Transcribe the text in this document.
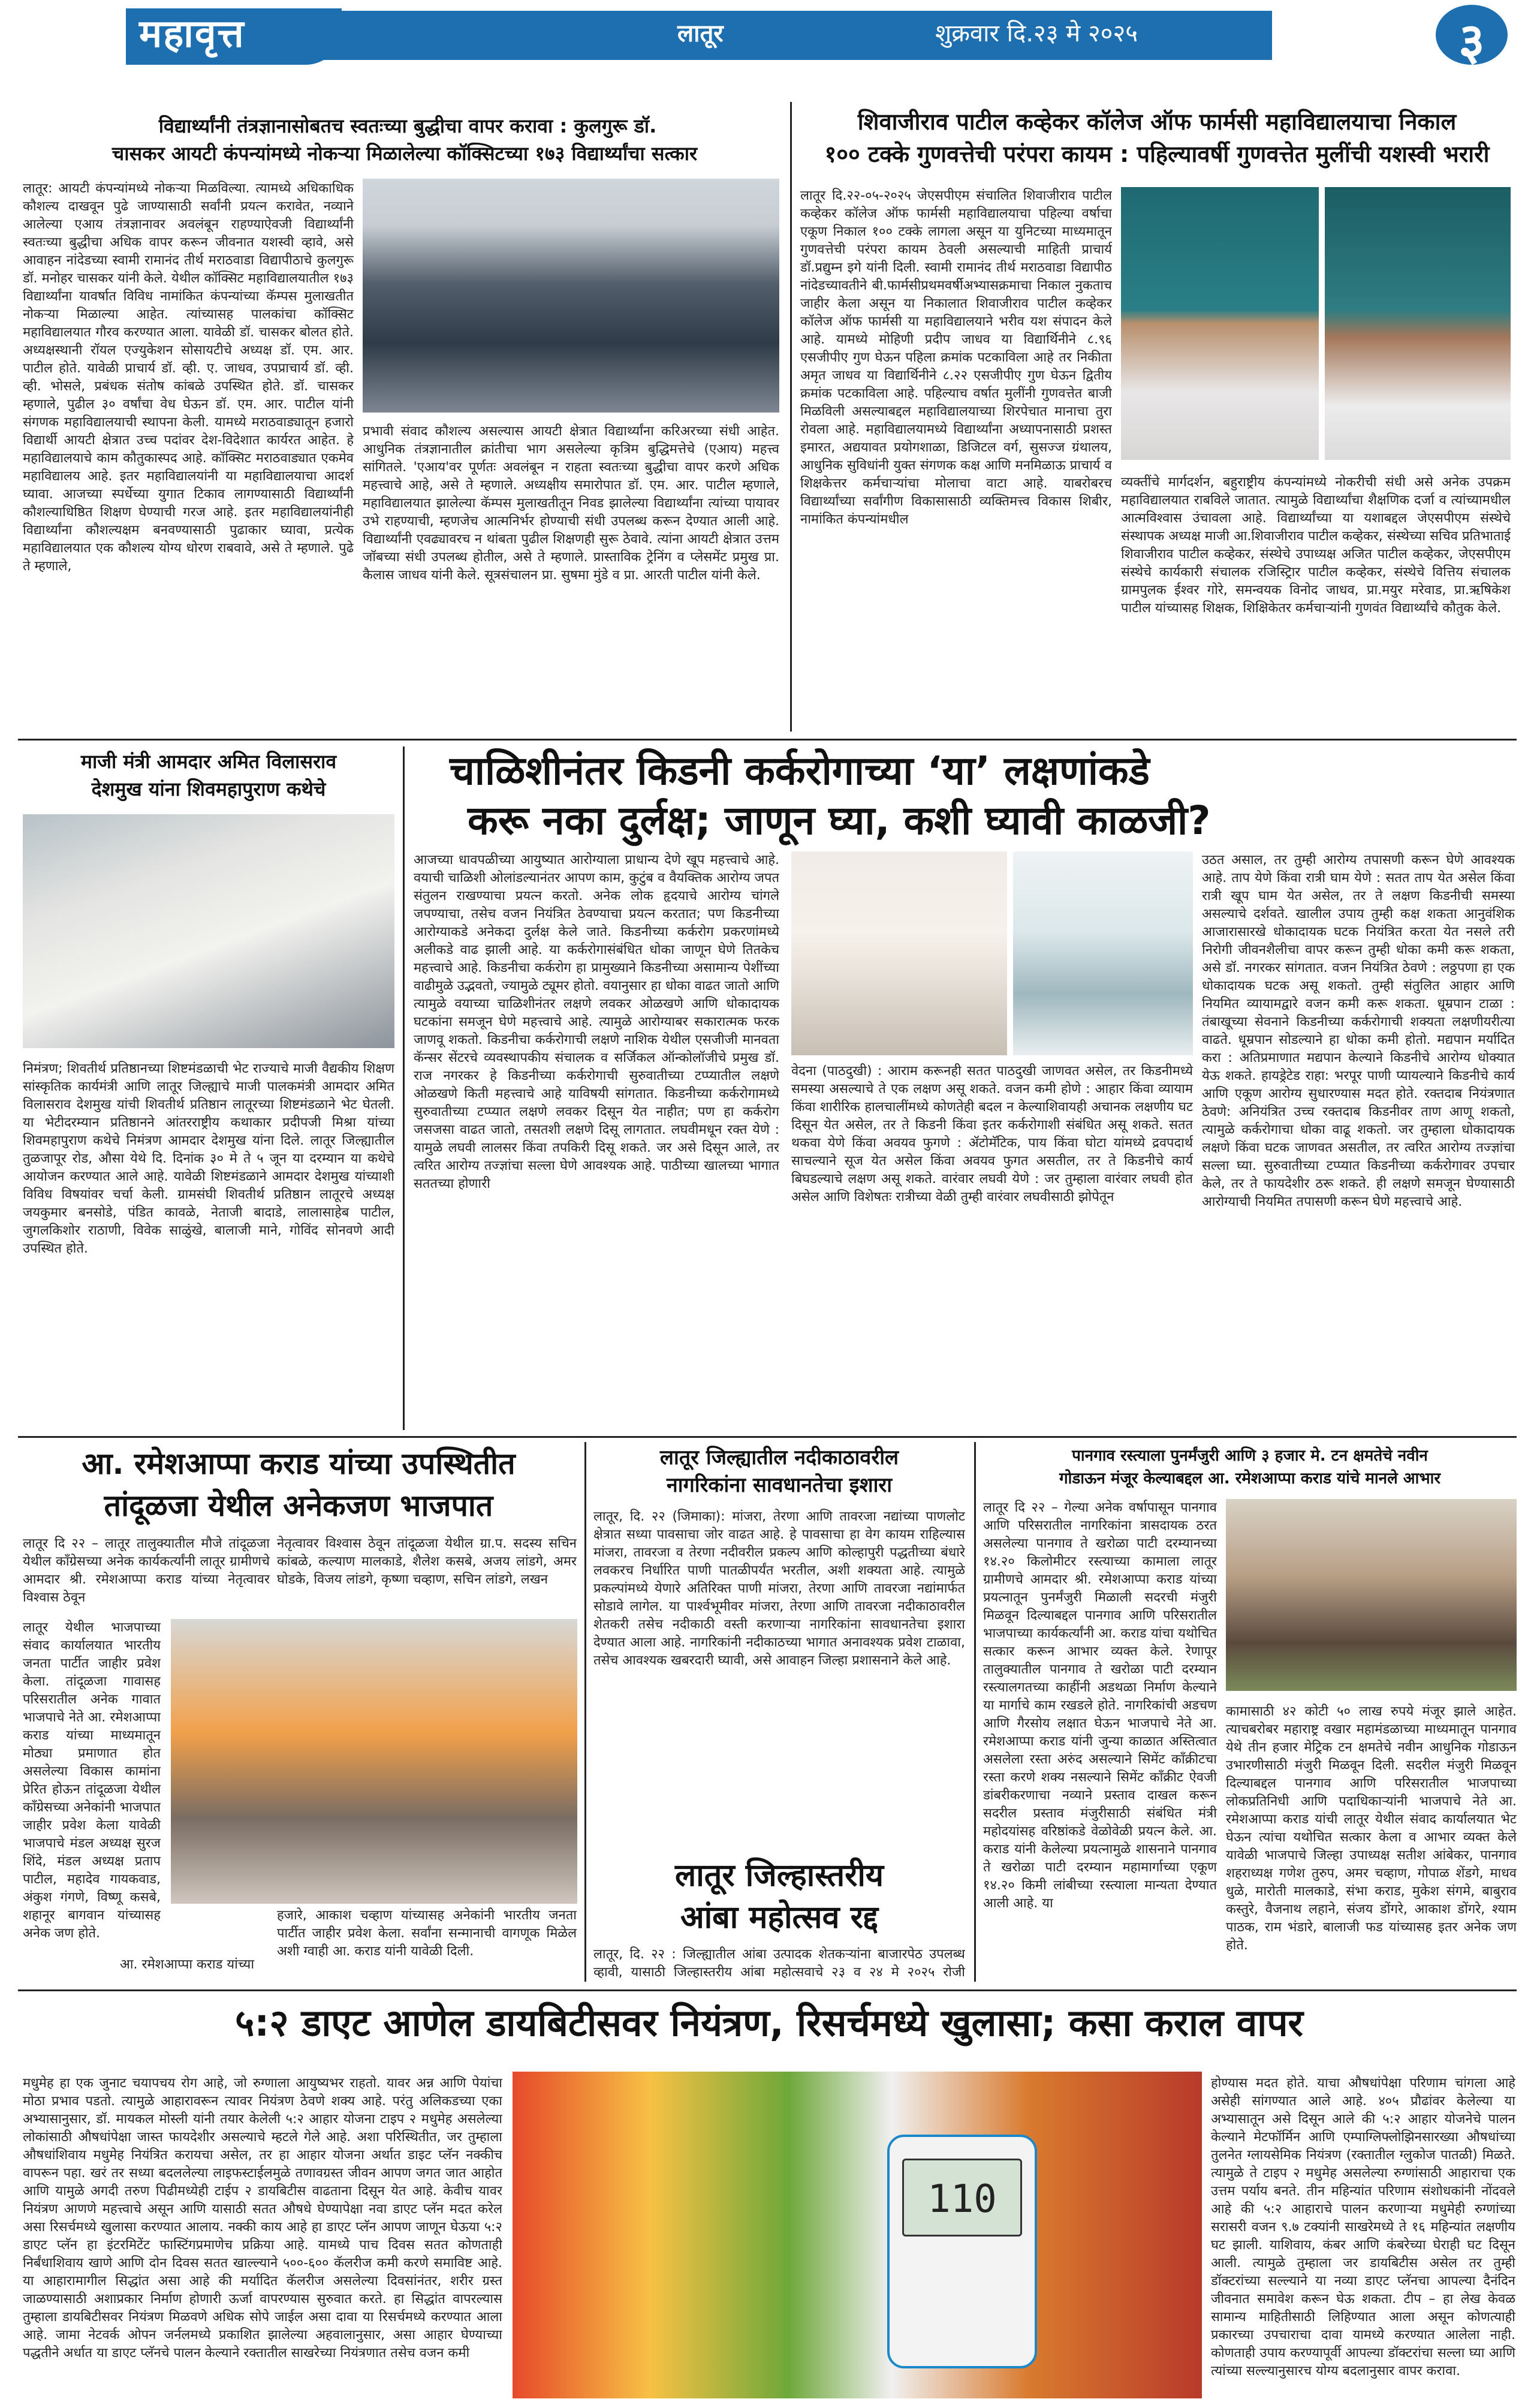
महावृत्त	लातूर	शुक्रवार दि.२३ मे २०२५	३
विद्यार्थ्यांनी तंत्रज्ञानासोबतच स्वतःच्या बुद्धीचा वापर करावा : कुलगुरू डॉ.
चासकर आयटी कंपन्यांमध्ये नोकर्‍या मिळालेल्या कॉक्सिटच्या १७३ विद्यार्थ्यांचा सत्कार
लातूर: आयटी कंपन्यांमध्ये नोकर्‍या मिळविल्या. त्यामध्ये अधिकाधिक कौशल्य दाखवून पुढे जाण्यासाठी सर्वांनी प्रयत्न करावेत, नव्याने आलेल्या एआय तंत्रज्ञानावर अवलंबून राहण्याऐवजी विद्यार्थ्यांनी स्वतःच्या बुद्धीचा अधिक वापर करून जीवनात यशस्वी व्हावे, असे आवाहन नांदेडच्या स्वामी रामानंद तीर्थ मराठवाडा विद्यापीठाचे कुलगुरू डॉ. मनोहर चासकर यांनी केले. येथील कॉक्सिट महाविद्यालयातील १७३ विद्यार्थ्यांना यावर्षात विविध नामांकित कंपन्यांच्या कॅम्पस मुलाखतीत नोकर्‍या मिळाल्या आहेत. त्यांच्यासह पालकांचा कॉक्सिट महाविद्यालयात गौरव करण्यात आला. यावेळी डॉ. चासकर बोलत होते. अध्यक्षस्थानी रॉयल एज्युकेशन सोसायटीचे अध्यक्ष डॉ. एम. आर. पाटील होते. यावेळी प्राचार्य डॉ. व्ही. ए. जाधव, उपप्राचार्य डॉ. व्ही. व्ही. भोसले, प्रबंधक संतोष कांबळे उपस्थित होते. डॉ. चासकर म्हणाले, पुढील ३० वर्षांचा वेध घेऊन डॉ. एम. आर. पाटील यांनी संगणक महाविद्यालयाची स्थापना केली. यामध्ये मराठवाड्यातून हजारो विद्यार्थी आयटी क्षेत्रात उच्च पदांवर देश-विदेशात कार्यरत आहेत. हे महाविद्यालयाचे काम कौतुकास्पद आहे. कॉक्सिट मराठवाड्यात एकमेव महाविद्यालय आहे. इतर महाविद्यालयांनी या महाविद्यालयाचा आदर्श घ्यावा. आजच्या स्पर्धेच्या युगात टिकाव लागण्यासाठी विद्यार्थ्यांनी कौशल्याधिष्ठित शिक्षण घेण्याची गरज आहे. इतर महाविद्यालयांनीही विद्यार्थ्यांना कौशल्यक्षम बनवण्यासाठी पुढाकार घ्यावा, प्रत्येक महाविद्यालयात एक कौशल्य योग्य धोरण राबवावे, असे ते म्हणाले. पुढे ते म्हणाले,
प्रभावी संवाद कौशल्य असल्यास आयटी क्षेत्रात विद्यार्थ्यांना करिअरच्या संधी आहेत. आधुनिक तंत्रज्ञानातील क्रांतीचा भाग असलेल्या कृत्रिम बुद्धिमत्तेचे (एआय) महत्त्व सांगितले. 'एआय'वर पूर्णतः अवलंबून न राहता स्वतःच्या बुद्धीचा वापर करणे अधिक महत्त्वाचे आहे, असे ते म्हणाले. अध्यक्षीय समारोपात डॉ. एम. आर. पाटील म्हणाले, महाविद्यालयात झालेल्या कॅम्पस मुलाखतीतून निवड झालेल्या विद्यार्थ्यांना त्यांच्या पायावर उभे राहण्याची, म्हणजेच आत्मनिर्भर होण्याची संधी उपलब्ध करून देण्यात आली आहे. विद्यार्थ्यांनी एवढ्यावरच न थांबता पुढील शिक्षणही सुरू ठेवावे. त्यांना आयटी क्षेत्रात उत्तम जॉबच्या संधी उपलब्ध होतील, असे ते म्हणाले. प्रास्ताविक ट्रेनिंग व प्लेसमेंट प्रमुख प्रा. कैलास जाधव यांनी केले. सूत्रसंचालन प्रा. सुषमा मुंडे व प्रा. आरती पाटील यांनी केले.
शिवाजीराव पाटील कव्हेकर कॉलेज ऑफ फार्मसी महाविद्यालयाचा निकाल
१०० टक्के गुणवत्तेची परंपरा कायम : पहिल्यावर्षी गुणवत्तेत मुलींची यशस्वी भरारी
लातूर दि.२२-०५-२०२५ जेएसपीएम संचालित शिवाजीराव पाटील कव्हेकर कॉलेज ऑफ फार्मसी महाविद्यालयाचा पहिल्या वर्षाचा एकूण निकाल १०० टक्के लागला असून या युनिटच्या माध्यमातून गुणवत्तेची परंपरा कायम ठेवली असल्याची माहिती प्राचार्य डॉ.प्रद्युम्न इगे यांनी दिली. स्वामी रामानंद तीर्थ मराठवाडा विद्यापीठ नांदेडच्यावतीने बी.फार्मसीप्रथमवर्षीअभ्यासक्रमाचा निकाल नुकताच जाहीर केला असून या निकालात शिवाजीराव पाटील कव्हेकर कॉलेज ऑफ फार्मसी या महाविद्यालयाने भरीव यश संपादन केले आहे. यामध्ये मोहिणी प्रदीप जाधव या विद्यार्थिनीने ८.९६ एसजीपीए गुण घेऊन पहिला क्रमांक पटकाविला आहे तर निकीता अमृत जाधव या विद्यार्थिनीने ८.२२ एसजीपीए गुण घेऊन द्वितीय क्रमांक पटकाविला आहे. पहिल्याच वर्षात मुलींनी गुणवत्तेत बाजी मिळविली असल्याबद्दल महाविद्यालयाच्या शिरपेचात मानाचा तुरा रोवला आहे. महाविद्यालयामध्ये विद्यार्थ्यांना अध्यापनासाठी प्रशस्त इमारत, अद्ययावत प्रयोगशाळा, डिजिटल वर्ग, सुसज्ज ग्रंथालय, आधुनिक सुविधांनी युक्त संगणक कक्ष आणि मनमिळाऊ प्राचार्य व शिक्षकेत्तर कर्मचार्‍यांचा मोलाचा वाटा आहे. याबरोबरच विद्यार्थ्यांच्या सर्वांगीण विकासासाठी व्यक्तिमत्त्व विकास शिबीर, नामांकित कंपन्यांमधील
व्यक्तींचे मार्गदर्शन, बहुराष्ट्रीय कंपन्यांमध्ये नोकरीची संधी असे अनेक उपक्रम महाविद्यालयात राबविले जातात. त्यामुळे विद्यार्थ्यांचा शैक्षणिक दर्जा व त्यांच्यामधील आत्मविश्वास उंचावला आहे. विद्यार्थ्यांच्या या यशाबद्दल जेएसपीएम संस्थेचे संस्थापक अध्यक्ष माजी आ.शिवाजीराव पाटील कव्हेकर, संस्थेच्या सचिव प्रतिभाताई शिवाजीराव पाटील कव्हेकर, संस्थेचे उपाध्यक्ष अजित पाटील कव्हेकर, जेएसपीएम संस्थेचे कार्यकारी संचालक रजिस्ट्रिार पाटील कव्हेकर, संस्थेचे वित्तिय संचालक ग्रामपुलक ईश्वर गोरे, समन्वयक विनोद जाधव, प्रा.मयुर मरेवाड, प्रा.ऋषिकेश पाटील यांच्यासह शिक्षक, शिक्षिकेतर कर्मचार्‍यांनी गुणवंत विद्यार्थ्यांचे कौतुक केले.
माजी मंत्री आमदार अमित विलासराव
देशमुख यांना शिवमहापुराण कथेचे
निमंत्रण; शिवतीर्थ प्रतिष्ठानच्या शिष्टमंडळाची भेट राज्याचे माजी वैद्यकीय शिक्षण सांस्कृतिक कार्यमंत्री आणि लातूर जिल्ह्याचे माजी पालकमंत्री आमदार अमित विलासराव देशमुख यांची शिवतीर्थ प्रतिष्ठान लातूरच्या शिष्टमंडळाने भेट घेतली. या भेटीदरम्यान प्रतिष्ठानने आंतरराष्ट्रीय कथाकार प्रदीपजी मिश्रा यांच्या शिवमहापुराण कथेचे निमंत्रण आमदार देशमुख यांना दिले. लातूर जिल्ह्यातील तुळजापूर रोड, औसा येथे दि. दिनांक ३० मे ते ५ जून या दरम्यान या कथेचे आयोजन करण्यात आले आहे. यावेळी शिष्टमंडळाने आमदार देशमुख यांच्याशी विविध विषयांवर चर्चा केली. ग्रामसंघी शिवतीर्थ प्रतिष्ठान लातूरचे अध्यक्ष जयकुमार बनसोडे, पंडित कावळे, नेताजी बादाडे, लालासाहेब पाटील, जुगलकिशोर राठाणी, विवेक साळुंखे, बालाजी माने, गोविंद सोनवणे आदी उपस्थित होते.
चाळिशीनंतर किडनी कर्करोगाच्या ‘या’ लक्षणांकडे
करू नका दुर्लक्ष; जाणून घ्या, कशी घ्यावी काळजी?
आजच्या धावपळीच्या आयुष्यात आरोग्याला प्राधान्य देणे खूप महत्त्वाचे आहे. वयाची चाळिशी ओलांडल्यानंतर आपण काम, कुटुंब व वैयक्तिक आरोग्य जपत संतुलन राखण्याचा प्रयत्न करतो. अनेक लोक हृदयाचे आरोग्य चांगले जपण्याचा, तसेच वजन नियंत्रित ठेवण्याचा प्रयत्न करतात; पण किडनीच्या आरोग्याकडे अनेकदा दुर्लक्ष केले जाते. किडनीच्या कर्करोग प्रकरणांमध्ये अलीकडे वाढ झाली आहे. या कर्करोगासंबंधित धोका जाणून घेणे तितकेच महत्त्वाचे आहे. किडनीचा कर्करोग हा प्रामुख्याने किडनीच्या असामान्य पेशींच्या वाढीमुळे उद्भवतो, ज्यामुळे ट्यूमर होतो. वयानुसार हा धोका वाढत जातो आणि त्यामुळे वयाच्या चाळिशीनंतर लक्षणे लवकर ओळखणे आणि धोकादायक घटकांना समजून घेणे महत्त्वाचे आहे. त्यामुळे आरोग्याबर सकारात्मक फरक जाणवू शकतो. किडनीचा कर्करोगाची लक्षणे नाशिक येथील एसजीजी मानवता कॅन्सर सेंटरचे व्यवस्थापकीय संचालक व सर्जिकल ऑन्कोलॉजीचे प्रमुख डॉ. राज नगरकर हे किडनीच्या कर्करोगाची सुरुवातीच्या टप्प्यातील लक्षणे ओळखणे किती महत्त्वाचे आहे याविषयी सांगतात. किडनीच्या कर्करोगामध्ये सुरुवातीच्या टप्प्यात लक्षणे लवकर दिसून येत नाहीत; पण हा कर्करोग जसजसा वाढत जातो, तसतशी लक्षणे दिसू लागतात. लघवीमधून रक्त येणे : यामुळे लघवी लालसर किंवा तपकिरी दिसू शकते. जर असे दिसून आले, तर त्वरित आरोग्य तज्ज्ञांचा सल्ला घेणे आवश्यक आहे. पाठीच्या खालच्या भागात सततच्या होणारी
वेदना (पाठदुखी) : आराम करूनही सतत पाठदुखी जाणवत असेल, तर किडनीमध्ये समस्या असल्याचे ते एक लक्षण असू शकते. वजन कमी होणे : आहार किंवा व्यायाम किंवा शारीरिक हालचालींमध्ये कोणतेही बदल न केल्याशिवायही अचानक लक्षणीय घट दिसून येत असेल, तर ते किडनी किंवा इतर कर्करोगाशी संबंधित असू शकते. सतत थकवा येणे किंवा अवयव फुगणे : ॲटोमॅटिक, पाय किंवा घोटा यांमध्ये द्रवपदार्थ साचल्याने सूज येत असेल किंवा अवयव फुगत असतील, तर ते किडनीचे कार्य बिघडल्याचे लक्षण असू शकते. वारंवार लघवी येणे : जर तुम्हाला वारंवार लघवी होत असेल आणि विशेषतः रात्रीच्या वेळी तुम्ही वारंवार लघवीसाठी झोपेतून
उठत असाल, तर तुम्ही आरोग्य तपासणी करून घेणे आवश्यक आहे. ताप येणे किंवा रात्री घाम येणे : सतत ताप येत असेल किंवा रात्री खूप घाम येत असेल, तर ते लक्षण किडनीची समस्या असल्याचे दर्शवते. खालील उपाय तुम्ही कक्ष शकता आनुवंशिक आजारासारखे धोकादायक घटक नियंत्रित करता येत नसले तरी निरोगी जीवनशैलीचा वापर करून तुम्ही धोका कमी करू शकता, असे डॉ. नगरकर सांगतात. वजन नियंत्रित ठेवणे : लठ्ठपणा हा एक धोकादायक घटक असू शकतो. तुम्ही संतुलित आहार आणि नियमित व्यायामद्वारे वजन कमी करू शकता. धूम्रपान टाळा : तंबाखूच्या सेवनाने किडनीच्या कर्करोगाची शक्यता लक्षणीयरीत्या वाढते. धूम्रपान सोडल्याने हा धोका कमी होतो. मद्यपान मर्यादित करा : अतिप्रमाणात मद्यपान केल्याने किडनीचे आरोग्य धोक्यात येऊ शकते. हायड्रेटेड राहा: भरपूर पाणी प्यायल्याने किडनीचे कार्य आणि एकूण आरोग्य सुधारण्यास मदत होते. रक्तदाब नियंत्रणात ठेवणे: अनियंत्रित उच्च रक्तदाब किडनीवर ताण आणू शकतो, त्यामुळे कर्करोगाचा धोका वाढू शकतो. जर तुम्हाला धोकादायक लक्षणे किंवा घटक जाणवत असतील, तर त्वरित आरोग्य तज्ज्ञांचा सल्ला घ्या. सुरुवातीच्या टप्प्यात किडनीच्या कर्करोगावर उपचार केले, तर ते फायदेशीर ठरू शकते. ही लक्षणे समजून घेण्यासाठी आरोग्याची नियमित तपासणी करून घेणे महत्त्वाचे आहे.
आ. रमेशआप्पा कराड यांच्या उपस्थितीत
तांदूळजा येथील अनेकजण भाजपात
लातूर दि २२ – लातूर तालुक्यातील मौजे तांदूळजा येथील काँग्रेसच्या अनेक कार्यकर्त्यांनी लातूर ग्रामीणचे आमदार श्री. रमेशआप्पा कराड यांच्या नेतृत्वावर विश्वास ठेवून
नेतृत्वावर विश्वास ठेवून तांदूळजा येथील ग्रा.प. सदस्य सचिन कांबळे, कल्याण मालकाडे, शैलेश कसबे, अजय लांडगे, अमर घोडके, विजय लांडगे, कृष्णा चव्हाण, सचिन लांडगे, लखन
लातूर येथील भाजपाच्या संवाद कार्यालयात भारतीय जनता पार्टीत जाहीर प्रवेश केला. तांदूळजा गावासह परिसरातील अनेक गावात भाजपाचे नेते आ. रमेशआप्पा कराड यांच्या माध्यमातून मोठ्या प्रमाणात होत असलेल्या विकास कामांना प्रेरित होऊन तांदूळजा येथील काँग्रेसच्या अनेकांनी भाजपात जाहीर प्रवेश केला यावेळी भाजपाचे मंडल अध्यक्ष सुरज शिंदे, मंडल अध्यक्ष प्रताप पाटील, महादेव गायकवाड, अंकुश गंगणे, विष्णू कसबे, शहानूर बागवान यांच्यासह अनेक जण होते.
आ. रमेशआप्पा कराड यांच्या
हजारे, आकाश चव्हाण यांच्यासह अनेकांनी भारतीय जनता पार्टीत जाहीर प्रवेश केला. सर्वांना सन्मानाची वागणूक मिळेल अशी ग्वाही आ. कराड यांनी यावेळी दिली.
लातूर जिल्ह्यातील नदीकाठावरील
नागरिकांना सावधानतेचा इशारा
लातूर, दि. २२ (जिमाका): मांजरा, तेरणा आणि तावरजा नद्यांच्या पाणलोट क्षेत्रात सध्या पावसाचा जोर वाढत आहे. हे पावसाचा हा वेग कायम राहिल्यास मांजरा, तावरजा व तेरणा नदीवरील प्रकल्प आणि कोल्हापुरी पद्धतीच्या बंधारे लवकरच निर्धारित पाणी पातळीपर्यंत भरतील, अशी शक्यता आहे. त्यामुळे प्रकल्पांमध्ये येणारे अतिरिक्त पाणी मांजरा, तेरणा आणि तावरजा नद्यांमार्फत सोडावे लागेल. या पार्श्वभूमीवर मांजरा, तेरणा आणि तावरजा नदीकाठावरील शेतकरी तसेच नदीकाठी वस्ती करणाऱ्या नागरिकांना सावधानतेचा इशारा देण्यात आला आहे. नागरिकांनी नदीकाठच्या भागात अनावश्यक प्रवेश टाळावा, तसेच आवश्यक खबरदारी घ्यावी, असे आवाहन जिल्हा प्रशासनाने केले आहे.
लातूर जिल्हास्तरीय
आंबा महोत्सव रद्द
लातूर, दि. २२ : जिल्ह्यातील आंबा उत्पादक शेतकऱ्यांना बाजारपेठ उपलब्ध व्हावी, यासाठी जिल्हास्तरीय आंबा महोत्सवाचे २३ व २४ मे २०२५ रोजी
पानगाव रस्त्याला पुनर्मंजुरी आणि ३ हजार मे. टन क्षमतेचे नवीन
गोडाऊन मंजूर केल्याबद्दल आ. रमेशआप्पा कराड यांचे मानले आभार
लातूर दि २२ – गेल्या अनेक वर्षापासून पानगाव आणि परिसरातील नागरिकांना त्रासदायक ठरत असलेल्या पानगाव ते खरोळा पाटी दरम्यानच्या १४.२० किलोमीटर रस्त्याच्या कामाला लातूर ग्रामीणचे आमदार श्री. रमेशआप्पा कराड यांच्या प्रयत्नातून पुनर्मंजुरी मिळाली सदरची मंजुरी मिळवून दिल्याबद्दल पानगाव आणि परिसरातील भाजपाच्या कार्यकर्त्यांनी आ. कराड यांचा यथोचित सत्कार करून आभार व्यक्त केले. रेणापूर तालुक्यातील पानगाव ते खरोळा पाटी दरम्यान रस्त्यालगतच्या काहींनी अडथळा निर्माण केल्याने या मार्गाचे काम रखडले होते. नागरिकांची अडचण आणि गैरसोय लक्षात घेऊन भाजपाचे नेते आ. रमेशआप्पा कराड यांनी जुन्या काळात अस्तित्वात असलेला रस्ता अरुंद असल्याने सिमेंट काँक्रीटचा रस्ता करणे शक्य नसल्याने सिमेंट काँक्रीट ऐवजी डांबरीकरणाचा नव्याने प्रस्ताव दाखल करून सदरील प्रस्ताव मंजुरीसाठी संबंधित मंत्री महोदयांसह वरिष्ठांकडे वेळोवेळी प्रयत्न केले. आ. कराड यांनी केलेल्या प्रयत्नामुळे शासनाने पानगाव ते खरोळा पाटी दरम्यान महामार्गाच्या एकूण १४.२० किमी लांबीच्या रस्त्याला मान्यता देण्यात आली आहे. या
कामासाठी ४२ कोटी ५० लाख रुपये मंजूर झाले आहेत. त्याचबरोबर महाराष्ट्र वखार महामंडळाच्या माध्यमातून पानगाव येथे तीन हजार मेट्रिक टन क्षमतेचे नवीन आधुनिक गोडाऊन उभारणीसाठी मंजुरी मिळवून दिली. सदरील मंजुरी मिळवून दिल्याबद्दल पानगाव आणि परिसरातील भाजपाच्या लोकप्रतिनिधी आणि पदाधिकाऱ्यांनी भाजपाचे नेते आ. रमेशआप्पा कराड यांची लातूर येथील संवाद कार्यालयात भेट घेऊन त्यांचा यथोचित सत्कार केला व आभार व्यक्त केले यावेळी भाजपाचे जिल्हा उपाध्यक्ष सतीश आंबेकर, पानगाव शहराध्यक्ष गणेश तुरुप, अमर चव्हाण, गोपाळ शेंडगे, माधव धुळे, मारोती मालकाडे, संभा कराड, मुकेश संगमे, बाबुराव कस्तुरे, वैजनाथ लहाने, संजय डोंगरे, आकाश डोंगरे, श्याम पाठक, राम भंडारे, बालाजी फड यांच्यासह इतर अनेक जण होते.
५:२ डाएट आणेल डायबिटीसवर नियंत्रण, रिसर्चमध्ये खुलासा; कसा कराल वापर
मधुमेह हा एक जुनाट चयापचय रोग आहे, जो रुग्णाला आयुष्यभर राहतो. यावर अन्न आणि पेयांचा मोठा प्रभाव पडतो. त्यामुळे आहारावरून त्यावर नियंत्रण ठेवणे शक्य आहे. परंतु अलिकडच्या एका अभ्यासानुसार, डॉ. मायकल मोस्ली यांनी तयार केलेली ५:२ आहार योजना टाइप २ मधुमेह असलेल्या लोकांसाठी औषधांपेक्षा जास्त फायदेशीर असल्याचे म्हटले गेले आहे. अशा परिस्थितीत, जर तुम्हाला औषधांशिवाय मधुमेह नियंत्रित करायचा असेल, तर हा आहार योजना अर्थात डाइट प्लॅन नक्कीच वापरून पहा. खरं तर सध्या बदललेल्या लाइफस्टाईलमुळे तणावग्रस्त जीवन आपण जगत जात आहोत आणि यामुळे अगदी तरुण पिढीमध्येही टाईप २ डायबिटीस वाढताना दिसून येत आहे. केवीच यावर नियंत्रण आणणे महत्त्वाचे असून आणि यासाठी सतत औषधे घेण्यापेक्षा नवा डाएट प्लॅन मदत करेल असा रिसर्चमध्ये खुलासा करण्यात आलाय. नक्की काय आहे हा डाएट प्लॅन आपण जाणून घेऊया ५:२ डाएट प्लॅन हा इंटरमिटेंट फास्टिंगप्रमाणेच प्रक्रिया आहे. यामध्ये पाच दिवस सतत कोणताही निर्बंधाशिवाय खाणे आणि दोन दिवस सतत खाल्ल्याने ५००-६०० कॅलरीज कमी करणे समाविष्ट आहे. या आहारामागील सिद्धांत असा आहे की मर्यादित कॅलरीज असलेल्या दिवसांनंतर, शरीर ग्रस्त जाळण्यासाठी अशाप्रकार निर्माण होणारी ऊर्जा वापरण्यास सुरुवात करते. हा सिद्धांत वापरल्यास तुम्हाला डायबिटीसवर नियंत्रण मिळवणे अधिक सोपे जाईल असा दावा या रिसर्चमध्ये करण्यात आला आहे. जामा नेटवर्क ओपन जर्नलमध्ये प्रकाशित झालेल्या अहवालानुसार, असा आहार घेण्याच्या पद्धतीने अर्धात या डाएट प्लॅनचे पालन केल्याने रक्तातील साखरेच्या नियंत्रणात तसेच वजन कमी
110
होण्यास मदत होते. याचा औषधांपेक्षा परिणाम चांगला आहे असेही सांगण्यात आले आहे. ४०५ प्रौढांवर केलेल्या या अभ्यासातून असे दिसून आले की ५:२ आहार योजनेचे पालन केल्याने मेटफॉर्मिन आणि एम्पाग्लिफ्लोझिनसारख्या औषधांच्या तुलनेत ग्लायसेमिक नियंत्रण (रक्तातील ग्लुकोज पातळी) मिळते. त्यामुळे ते टाइप २ मधुमेह असलेल्या रुग्णांसाठी आहाराचा एक उत्तम पर्याय बनते. तीन महिन्यांत परिणाम संशोधकांनी नोंदवले आहे की ५:२ आहाराचे पालन करणाऱ्या मधुमेही रुग्णांच्या सरासरी वजन ९.७ टक्यांनी साखरेमध्ये ते १६ महिन्यांत लक्षणीय घट झाली. याशिवाय, कंबर आणि कंबरेच्या घेराही घट दिसून आली. त्यामुळे तुम्हाला जर डायबिटीस असेल तर तुम्ही डॉक्टरांच्या सल्ल्याने या नव्या डाएट प्लॅनचा आपल्या दैनंदिन जीवनात समावेश करून घेऊ शकता. टीप – हा लेख केवळ सामान्य माहितीसाठी लिहिण्यात आला असून कोणत्याही प्रकारच्या उपचाराचा दावा यामध्ये करण्यात आलेला नाही. कोणताही उपाय करण्यापूर्वी आपल्या डॉक्टरांचा सल्ला घ्या आणि त्यांच्या सल्ल्यानुसारच योग्य बदलानुसार वापर करावा.
